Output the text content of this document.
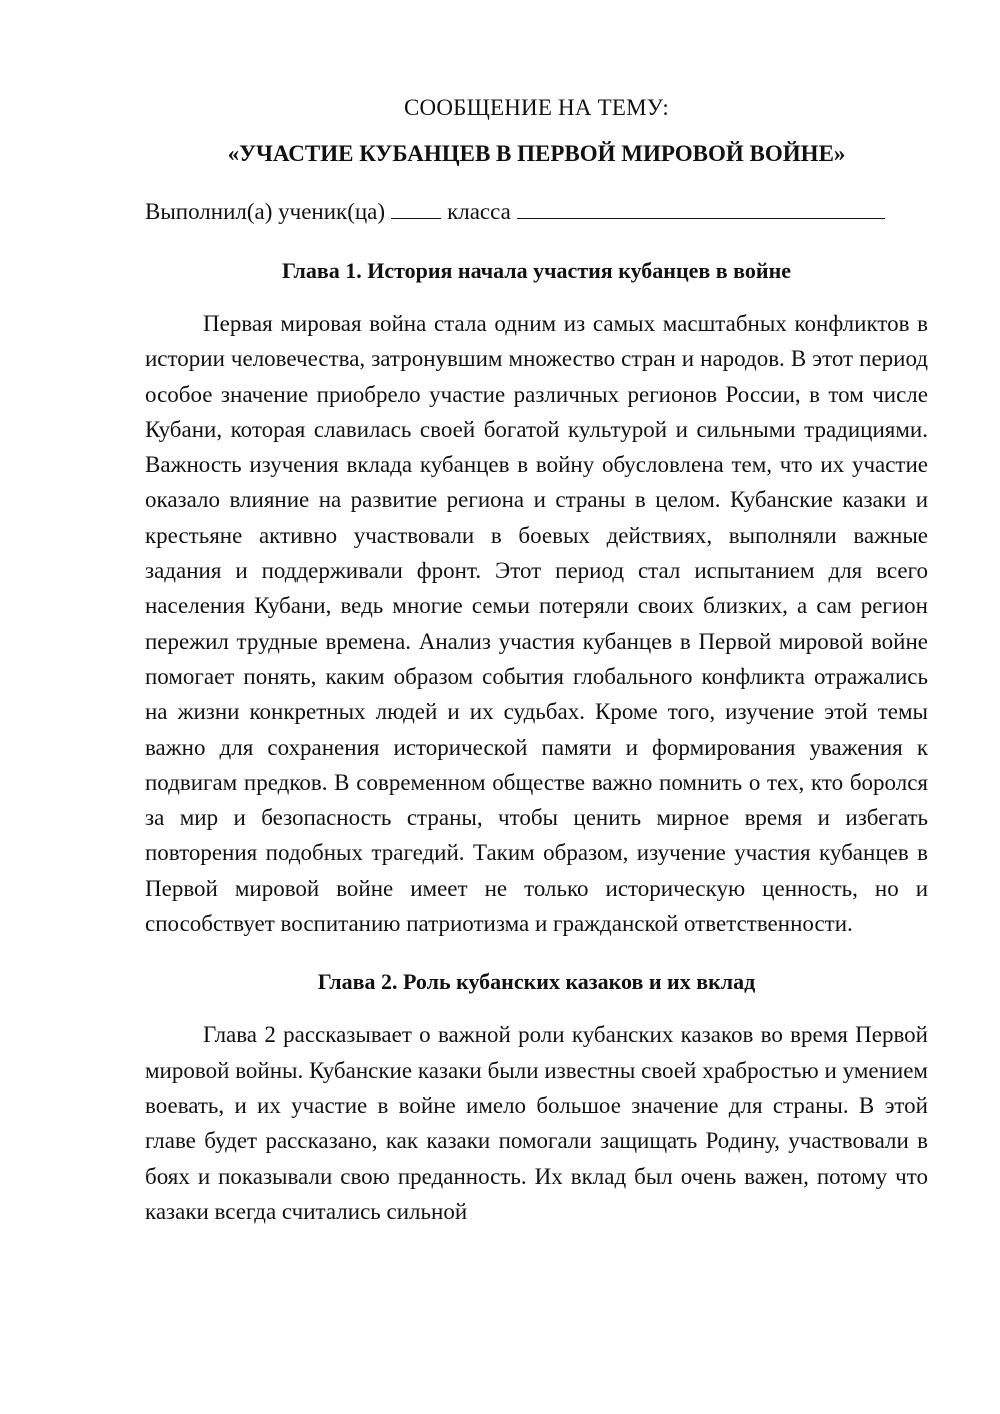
СООБЩЕНИЕ НА ТЕМУ:
«УЧАСТИЕ КУБАНЦЕВ В ПЕРВОЙ МИРОВОЙ ВОЙНЕ»
Выполнил(а) ученик(ца)	класса
Глава 1. История начала участия кубанцев в войне

Первая мировая война стала одним из самых масштабных конфликтов в истории человечества, затронувшим множество стран и народов. В этот период особое значение приобрело участие различных регионов России, в том числе Кубани, которая славилась своей богатой культурой и сильными традициями. Важность изучения вклада кубанцев в войну обусловлена тем, что их участие оказало влияние на развитие региона и страны в целом. Кубанские казаки и крестьяне активно участвовали в боевых действиях, выполняли важные задания и поддерживали фронт. Этот период стал испытанием для всего населения Кубани, ведь многие семьи потеряли своих близких, а сам регион пережил трудные времена. Анализ участия кубанцев в Первой мировой войне помогает понять, каким образом события глобального конфликта отражались на жизни конкретных людей и их судьбах. Кроме того, изучение этой темы важно для сохранения исторической памяти и формирования уважения к подвигам предков. В современном обществе важно помнить о тех, кто боролся за мир и безопасность страны, чтобы ценить мирное время и избегать повторения подобных трагедий. Таким образом, изучение участия кубанцев в Первой мировой войне имеет не только историческую ценность, но и способствует воспитанию патриотизма и гражданской ответственности.

Глава 2. Роль кубанских казаков и их вклад

Глава 2 рассказывает о важной роли кубанских казаков во время Первой мировой войны. Кубанские казаки были известны своей храбростью и умением воевать, и их участие в войне имело большое значение для страны. В этой главе будет рассказано, как казаки помогали защищать Родину, участвовали в боях и показывали свою преданность. Их вклад был очень важен, потому что казаки всегда считались сильной
